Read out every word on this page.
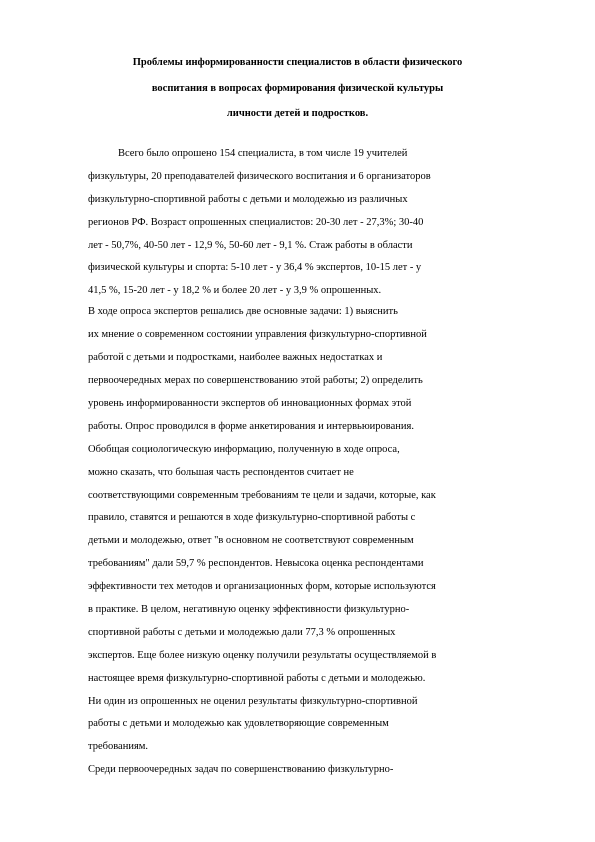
Проблемы информированности специалистов в области физического
воспитания в вопросах формирования физической культуры
личности детей и подростков.
Всего было опрошено 154 специалиста, в том числе 19 учителей
физкультуры, 20 преподавателей физического воспитания и 6 организаторов
физкультурно-спортивной работы с детьми и молодежью из различных
регионов РФ. Возраст опрошенных специалистов: 20-30 лет - 27,3%; 30-40
лет - 50,7%, 40-50 лет - 12,9 %, 50-60 лет - 9,1 %. Стаж работы в области
физической культуры и спорта: 5-10 лет - у 36,4 % экспертов, 10-15 лет - у
41,5 %, 15-20 лет - у 18,2 % и более 20 лет - у 3,9 % опрошенных.
В ходе опроса экспертов решались две основные задачи: 1) выяснить
их мнение о современном состоянии управления физкультурно-спортивной
работой с детьми и подростками, наиболее важных недостатках и
первоочередных мерах по совершенствованию этой работы; 2) определить
уровень информированности экспертов об инновационных формах этой
работы. Опрос проводился в форме анкетирования и интервьюирования.
Обобщая социологическую информацию, полученную в ходе опроса,
можно сказать, что большая часть респондентов считает не
соответствующими современным требованиям те цели и задачи, которые, как
правило, ставятся и решаются в ходе физкультурно-спортивной работы с
детьми и молодежью, ответ "в основном не соответствуют современным
требованиям" дали 59,7 % респондентов. Невысока оценка респондентами
эффективности тех методов и организационных форм, которые используются
в практике. В целом, негативную оценку эффективности физкультурно-
спортивной работы с детьми и молодежью дали 77,3 % опрошенных
экспертов. Еще более низкую оценку получили результаты осуществляемой в
настоящее время физкультурно-спортивной работы с детьми и молодежью.
Ни один из опрошенных не оценил результаты физкультурно-спортивной
работы с детьми и молодежью как удовлетворяющие современным
требованиям.
Среди первоочередных задач по совершенствованию физкультурно-
